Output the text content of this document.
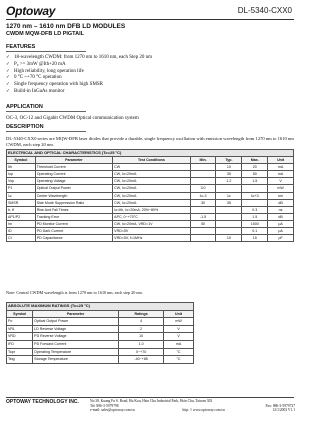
Optoway	DL-5340-CXX0
1270 nm – 1610 nm DFB LD MODULES
CWDM MQW-DFB LD PIGTAIL
FEATURES
✓ 18-wavelength CWDM: from 1270 nm to 1610 nm, each Step 20 nm
✓ P₀ >= 3mW @Ith+20 mA
✓ High reliability, long operation life
✓ 0 °C ~+70 °C operation
✓ Single frequency operation with high SMSR
✓ Build-in InGaAs monitor
APPLICATION
OC-3, OC-12 and Gigabit CWDM Optical communication system
DESCRIPTION
DL-5340-CXX0 series are MQW-DFB laser diodes that provide a durable, single frequency oscillation with emission wavelength from 1270 nm to 1610 nm CWDM, each step 20 nm.
ELECTRICAL AND OPTICAL CHARACTERISTICS (Tc=25 °C)						
Symbol	Parameter	Test Conditions	Min.	Typ.	Max.	Unit
Ith	Threshold Current	CW		10	20	mA
Iop	Operating Current	CW, Io=20mA		35	50	mA
Vop	Operating Voltage	CW, Io=20mA		1.2	1.5	V
P1	Optical Output Power	CW, Io=20mA	3.0			mW
λc	Center Wavelength	CW, Io=20mA	λc-3	λc	λc+3	nm
SMSR	Side Mode Suppression Ratio	CW, Io=20mA	30	35		dB
tr, tf	Rise And Fall Times	Io=Ith, Io=20mA, 20%~80%			0.3	ns
ΔP1/P2	Tracking Error	APC, 0~+70°C	-1.5		1.5	dB
Im	PD Monitor Current	CW, Io=20mA, VRD=1V	50		1500	μA
ID	PD Dark Current	VRD=5V			0.1	μA
Ct	PD Capacitance	VRD=5V, f=1MHz		10	15	pF
Note: Central CWDM wavelength is from 1270 nm to 1610 nm, each step 20 nm.
ABSOLUTE MAXIMUM RATINGS (Tc=25 °C)			
Symbol	Parameter	Ratings	Unit
Po	Optical Output Power	4	mW
VRL	LD Reverse Voltage	2	V
VRD	PD Reverse Voltage	10	V
IFD	PD Forward Current	1.0	mA
Topr	Operating Temperature	0~+70	°C
Tstg	Storage Temperature	-40~+85	°C
OPTOWAY TECHNOLOGY INC.	No.38, Kuang Fu S. Road, Hu Kou, Hsin Chu Industrial Park, Hsin Chu, Taiwan 303
Tel: 886-3-5979798	Fax: 886-3-5979737
e-mail: sales@optoway.com.tw	http: // www.optoway.com.tw	12/1/2003 V1.1
